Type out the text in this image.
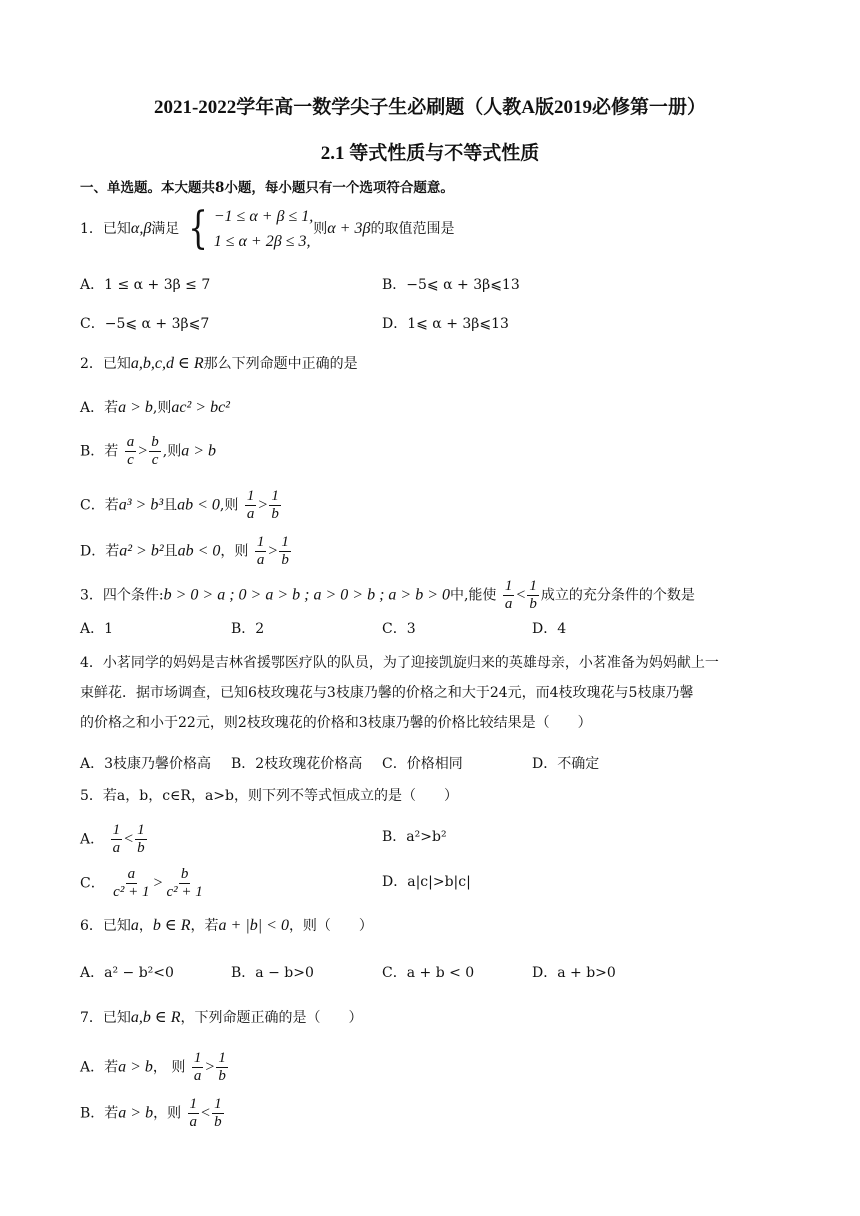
2021-2022学年高一数学尖子生必刷题（人教A版2019必修第一册）
2.1 等式性质与不等式性质
一、单选题。本大题共8小题，每小题只有一个选项符合题意。
1．已知α,β满足 { −1 ≤ α + β ≤ 1,
1 ≤ α + 2β ≤ 3,
则α + 3β的取值范围是
A．1 ≤ α + 3β ≤ 7	B．−5⩽ α + 3β⩽13
C．−5⩽ α + 3β⩽7	D．1⩽ α + 3β⩽13
2．已知a,b,c,d ∈ R那么下列命题中正确的是
A．若a > b,则ac² > bc²
B．若 $\frac{a}{c} > \frac{b}{c}$ ,则a > b
C．若a³ > b³且ab < 0,则 $\frac{1}{a} > \frac{1}{b}$
D．若a² > b²且ab < 0，则 $\frac{1}{a} > \frac{1}{b}$
3．四个条件:b > 0 > a ; 0 > a > b ; a > 0 > b ; a > b > 0中,能使 $\frac{1}{a} < \frac{1}{b}$ 成立的充分条件的个数是
A．1	B．2	C．3	D．4
4．小茗同学的妈妈是吉林省援鄂医疗队的队员，为了迎接凯旋归来的英雄母亲，小茗准备为妈妈献上一
束鲜花．据市场调查，已知6枝玫瑰花与3枝康乃馨的价格之和大于24元，而4枝玫瑰花与5枝康乃馨
的价格之和小于22元，则2枝玫瑰花的价格和3枝康乃馨的价格比较结果是（　　）
A．3枝康乃馨价格高 B．2枝玫瑰花价格高 C．价格相同	D．不确定
5．若a，b，c∈R，a>b，则下列不等式恒成立的是（　　）
A． $\frac{1}{a} < \frac{1}{b}$	B．a²>b²
C． $\frac{a}{\text{c² + 1}} > \frac{b}{\text{c² + 1}}$	D．a|c|>b|c|
6．已知a，b ∈ R，若a + |b| < 0，则（　　）
A．a² − b²<0	B．a − b>0	C．a + b < 0	D．a + b>0
7．已知a,b ∈ R，下列命题正确的是（　　）
A．若a > b， 则 $\frac{1}{a} > \frac{1}{b}$
B．若a > b，则 $\frac{1}{a} < \frac{1}{b}$
